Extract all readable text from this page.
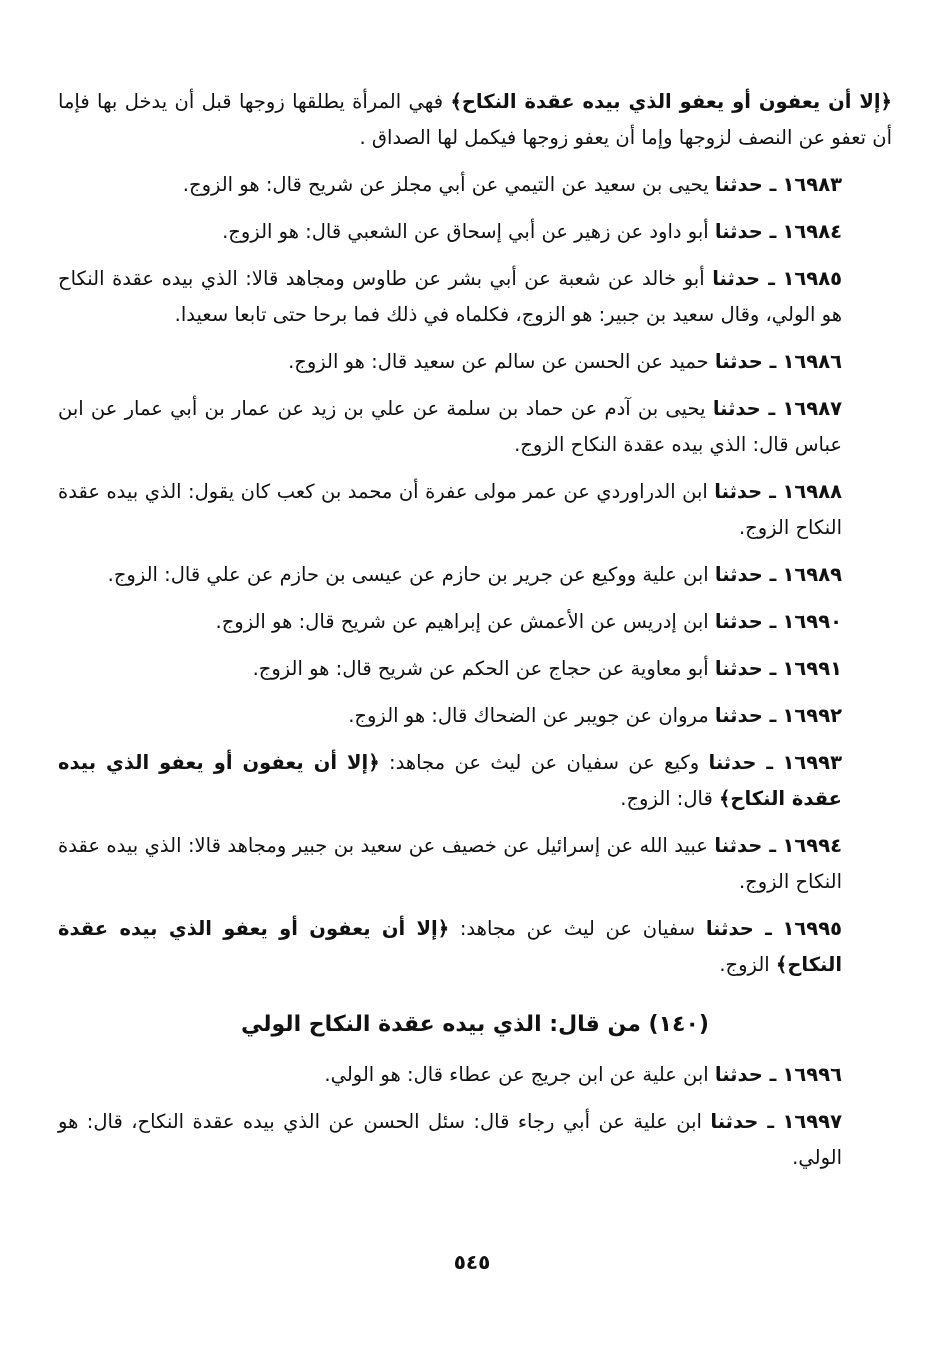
﴿إلا أن يعفون أو يعفو الذي بيده عقدة النكاح﴾ فهي المرأة يطلقها زوجها قبل أن يدخل بها فإما أن تعفو عن النصف لزوجها وإما أن يعفو زوجها فيكمل لها الصداق .

١٦٩٨٣ ـ حدثنا يحيى بن سعيد عن التيمي عن أبي مجلز عن شريح قال: هو الزوج.

١٦٩٨٤ ـ حدثنا أبو داود عن زهير عن أبي إسحاق عن الشعبي قال: هو الزوج.

١٦٩٨٥ ـ حدثنا أبو خالد عن شعبة عن أبي بشر عن طاوس ومجاهد قالا: الذي بيده عقدة النكاح هو الولي، وقال سعيد بن جبير: هو الزوج، فكلماه في ذلك فما برحا حتى تابعا سعيدا.

١٦٩٨٦ ـ حدثنا حميد عن الحسن عن سالم عن سعيد قال: هو الزوج.

١٦٩٨٧ ـ حدثنا يحيى بن آدم عن حماد بن سلمة عن علي بن زيد عن عمار بن أبي عمار عن ابن عباس قال: الذي بيده عقدة النكاح الزوج.

١٦٩٨٨ ـ حدثنا ابن الدراوردي عن عمر مولى عفرة أن محمد بن كعب كان يقول: الذي بيده عقدة النكاح الزوج.

١٦٩٨٩ ـ حدثنا ابن علية ووكيع عن جرير بن حازم عن عيسى بن حازم عن علي قال: الزوج.

١٦٩٩٠ ـ حدثنا ابن إدريس عن الأعمش عن إبراهيم عن شريح قال: هو الزوج.

١٦٩٩١ ـ حدثنا أبو معاوية عن حجاج عن الحكم عن شريح قال: هو الزوج.

١٦٩٩٢ ـ حدثنا مروان عن جويبر عن الضحاك قال: هو الزوج.

١٦٩٩٣ ـ حدثنا وكيع عن سفيان عن ليث عن مجاهد: ﴿إلا أن يعفون أو يعفو الذي بيده عقدة النكاح﴾ قال: الزوج.

١٦٩٩٤ ـ حدثنا عبيد الله عن إسرائيل عن خصيف عن سعيد بن جبير ومجاهد قالا: الذي بيده عقدة النكاح الزوج.

١٦٩٩٥ ـ حدثنا سفيان عن ليث عن مجاهد: ﴿إلا أن يعفون أو يعفو الذي بيده عقدة النكاح﴾ الزوج.

(١٤٠) من قال: الذي بيده عقدة النكاح الولي

١٦٩٩٦ ـ حدثنا ابن علية عن ابن جريج عن عطاء قال: هو الولي.

١٦٩٩٧ ـ حدثنا ابن علية عن أبي رجاء قال: سئل الحسن عن الذي بيده عقدة النكاح، قال: هو الولي.

٥٤٥
